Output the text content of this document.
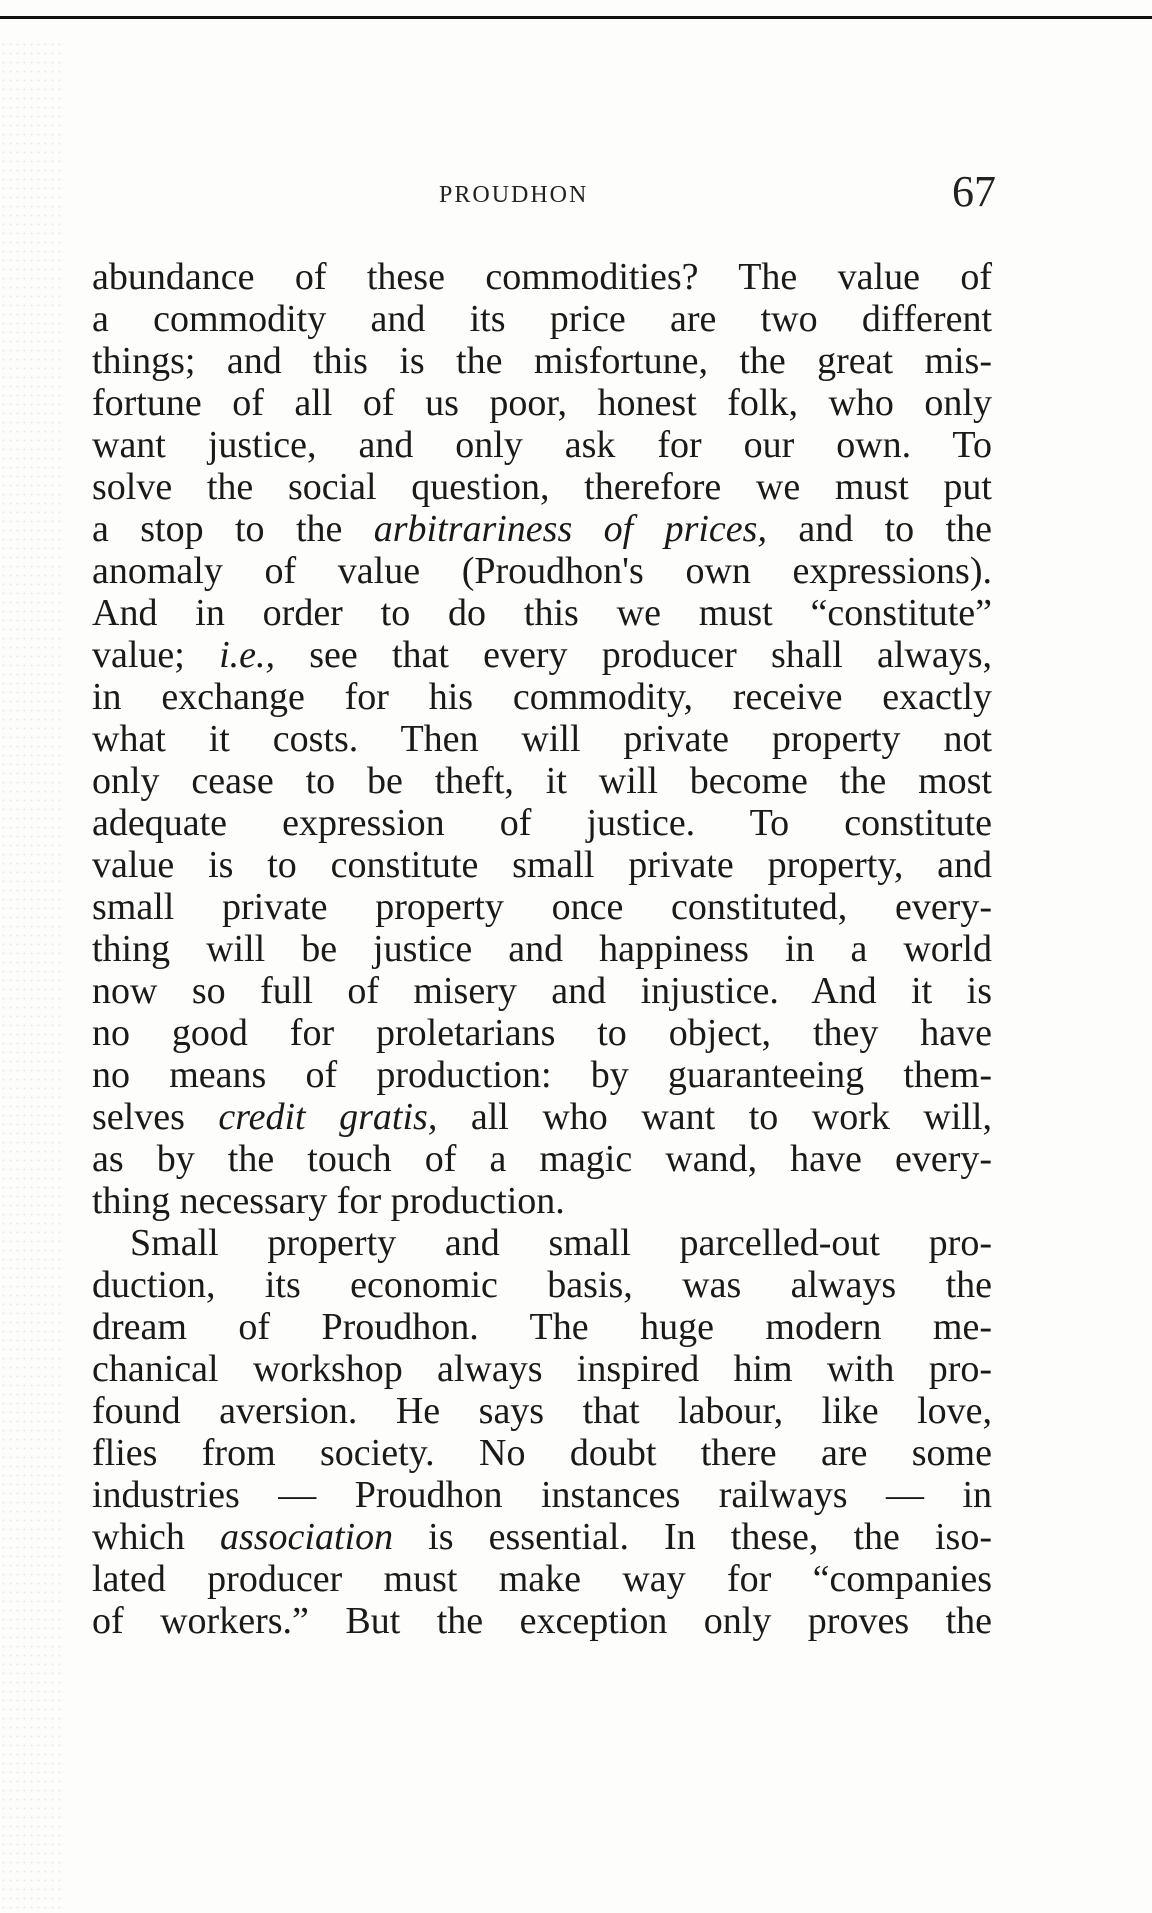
PROUDHON	67
abundance of these commodities? The value of
a commodity and its price are two different
things; and this is the misfortune, the great mis-
fortune of all of us poor, honest folk, who only
want justice, and only ask for our own. To
solve the social question, therefore we must put
a stop to the arbitrariness of prices, and to the
anomaly of value (Proudhon's own expressions).
And in order to do this we must “constitute”
value; i.e., see that every producer shall always,
in exchange for his commodity, receive exactly
what it costs. Then will private property not
only cease to be theft, it will become the most
adequate expression of justice. To constitute
value is to constitute small private property, and
small private property once constituted, every-
thing will be justice and happiness in a world
now so full of misery and injustice. And it is
no good for proletarians to object, they have
no means of production: by guaranteeing them-
selves credit gratis, all who want to work will,
as by the touch of a magic wand, have every-
thing necessary for production.
Small property and small parcelled-out pro-
duction, its economic basis, was always the
dream of Proudhon. The huge modern me-
chanical workshop always inspired him with pro-
found aversion. He says that labour, like love,
flies from society. No doubt there are some
industries — Proudhon instances railways — in
which association is essential. In these, the iso-
lated producer must make way for “companies
of workers.” But the exception only proves the
